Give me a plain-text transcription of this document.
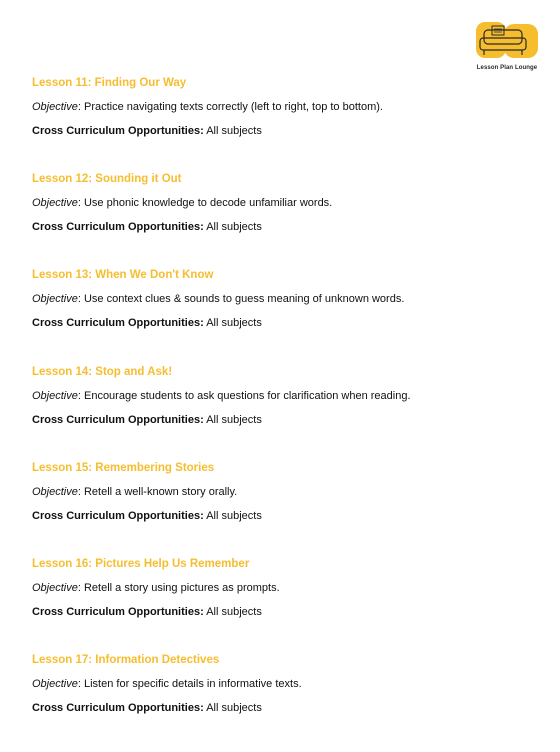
Lesson Plan Lounge
Lesson 11: Finding Our Way
Objective: Practice navigating texts correctly (left to right, top to bottom).
Cross Curriculum Opportunities: All subjects
Lesson 12: Sounding it Out
Objective: Use phonic knowledge to decode unfamiliar words.
Cross Curriculum Opportunities: All subjects
Lesson 13: When We Don't Know
Objective: Use context clues & sounds to guess meaning of unknown words.
Cross Curriculum Opportunities: All subjects
Lesson 14: Stop and Ask!
Objective: Encourage students to ask questions for clarification when reading.
Cross Curriculum Opportunities: All subjects
Lesson 15: Remembering Stories
Objective: Retell a well-known story orally.
Cross Curriculum Opportunities: All subjects
Lesson 16: Pictures Help Us Remember
Objective: Retell a story using pictures as prompts.
Cross Curriculum Opportunities: All subjects
Lesson 17: Information Detectives
Objective: Listen for specific details in informative texts.
Cross Curriculum Opportunities: All subjects
